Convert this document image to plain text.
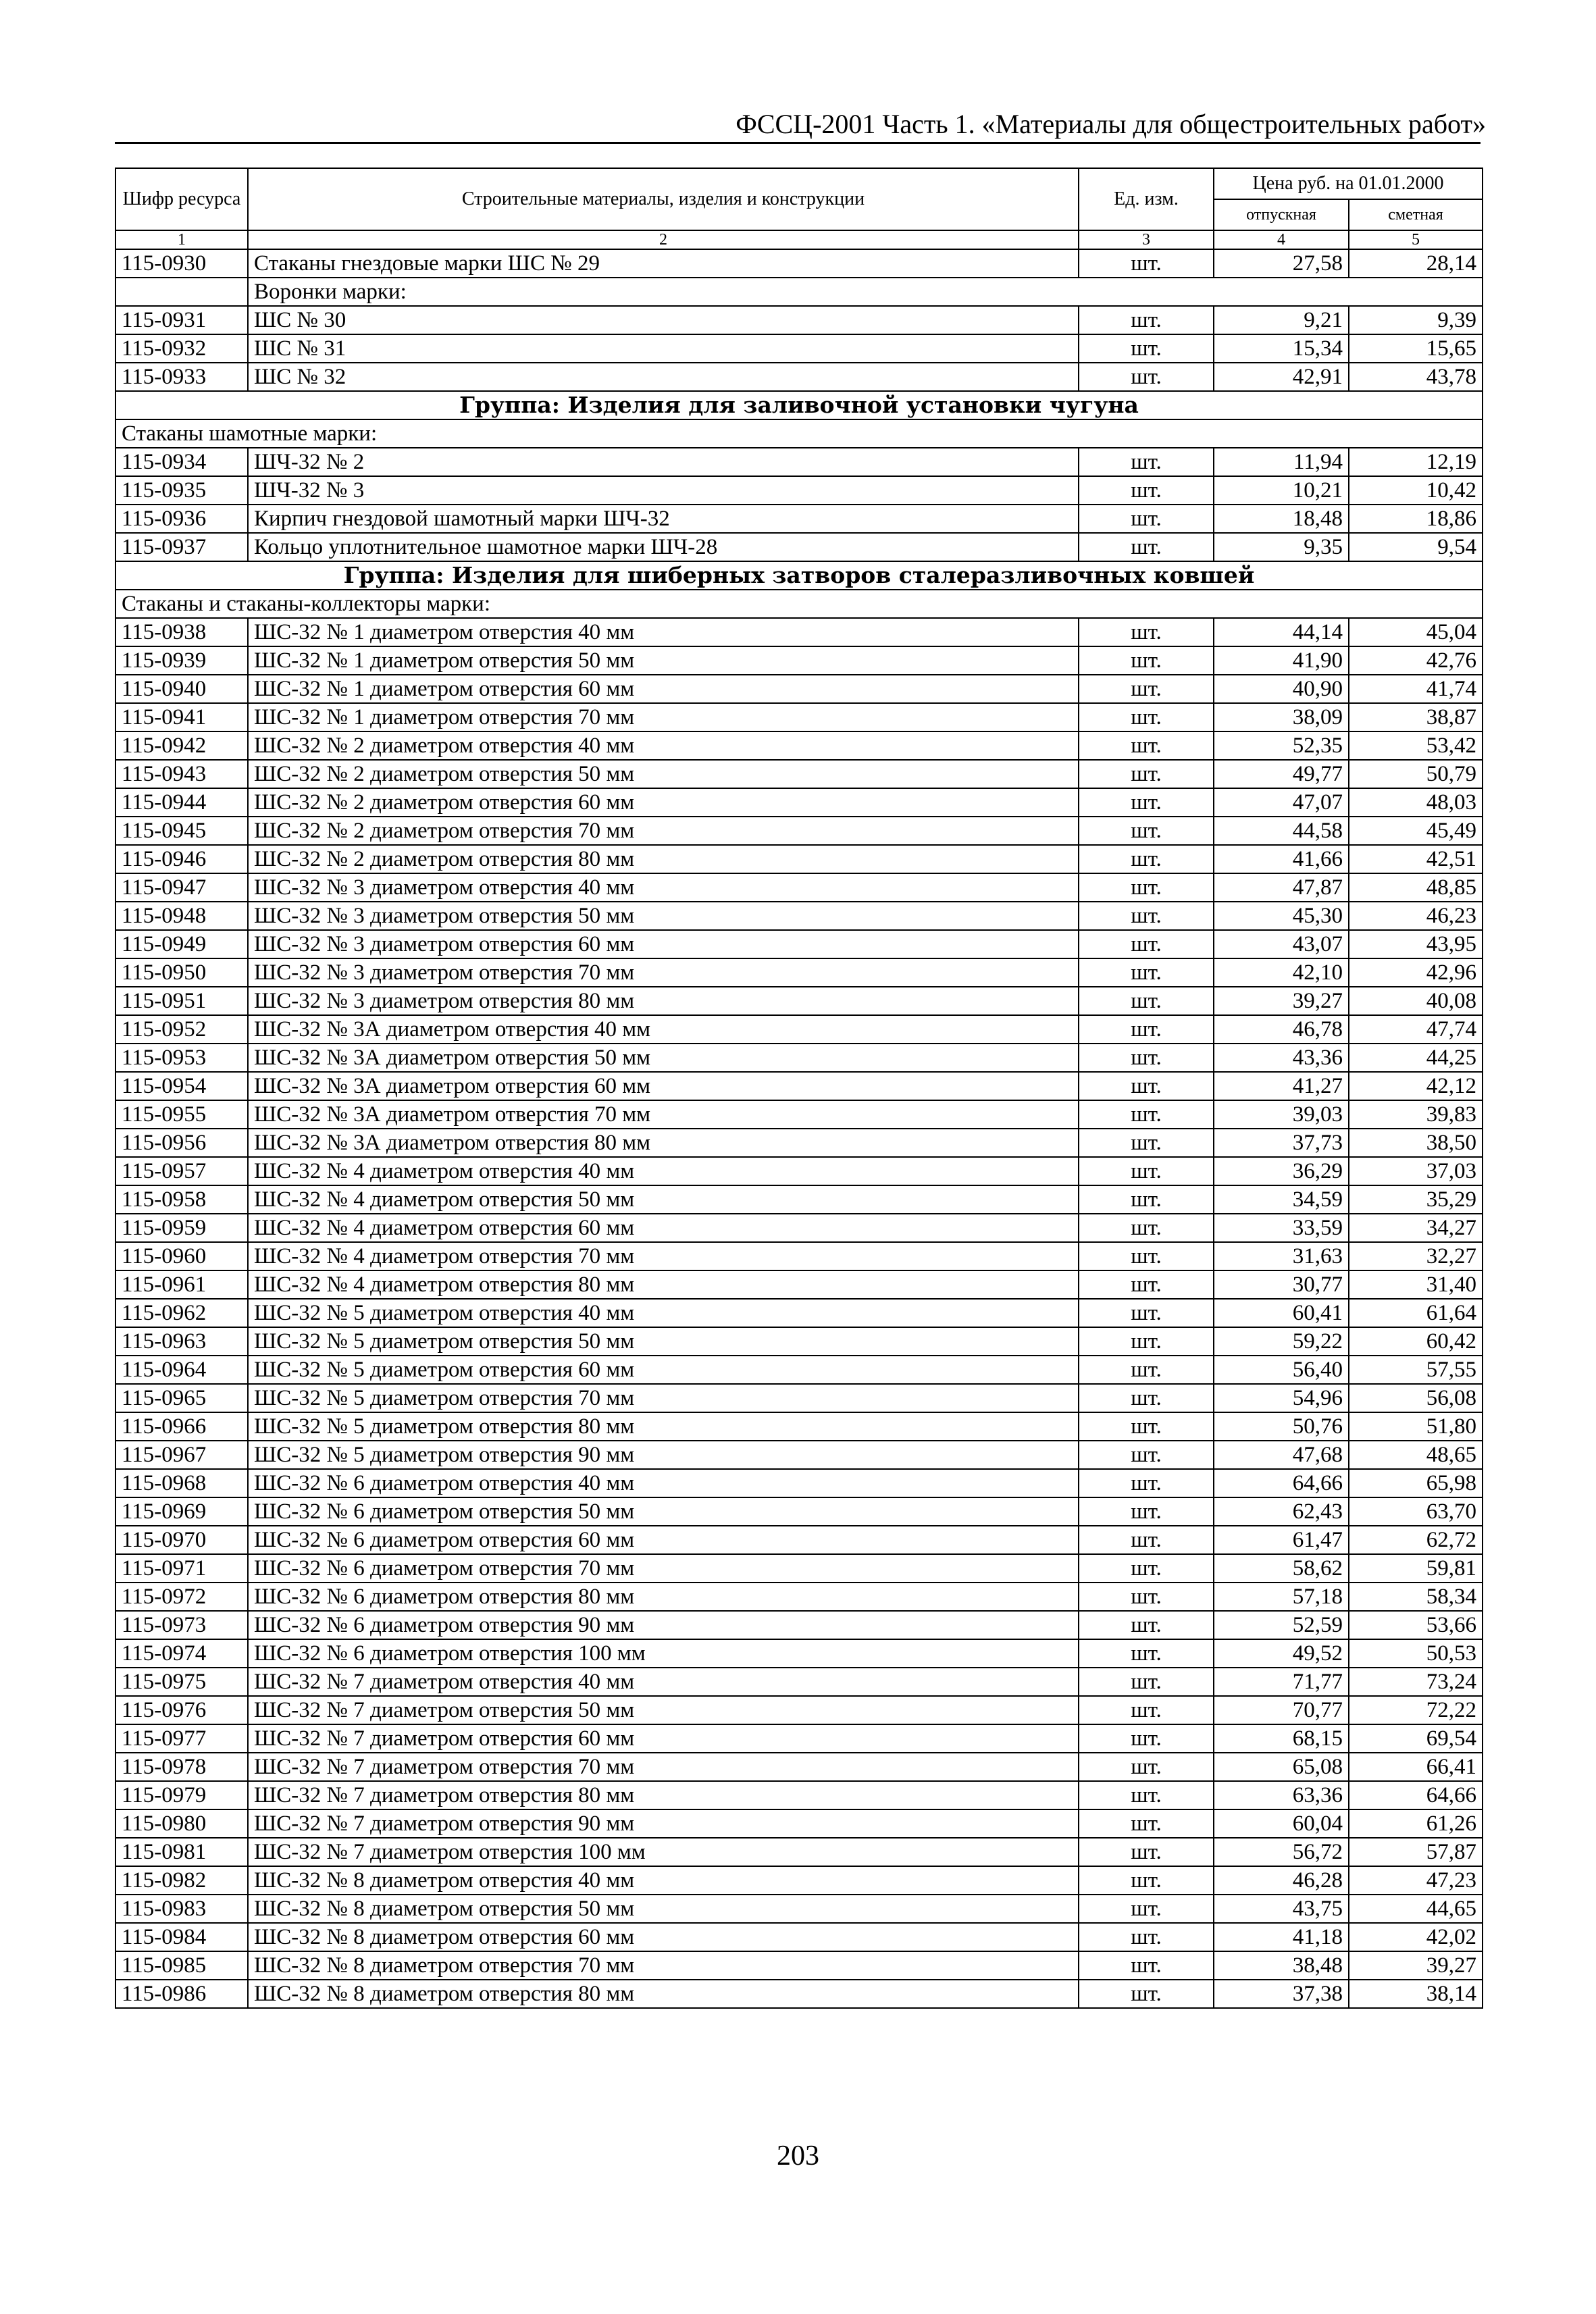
ФССЦ-2001 Часть 1. «Материалы для общестроительных работ»
Шифр ресурса	Строительные материалы, изделия и конструкции	Ед. изм.	Цена руб. на 01.01.2000	
			отпускная	сметная
1	2	3	4	5
115-0930	Стаканы гнездовые марки ШС № 29	шт.	27,58	28,14
	Воронки марки:			
115-0931	ШС № 30	шт.	9,21	9,39
115-0932	ШС № 31	шт.	15,34	15,65
115-0933	ШС № 32	шт.	42,91	43,78
Группа: Изделия для заливочной установки чугуна				
Стаканы шамотные марки:				
115-0934	ШЧ-32 № 2	шт.	11,94	12,19
115-0935	ШЧ-32 № 3	шт.	10,21	10,42
115-0936	Кирпич гнездовой шамотный марки ШЧ-32	шт.	18,48	18,86
115-0937	Кольцо уплотнительное шамотное марки ШЧ-28	шт.	9,35	9,54
Группа: Изделия для шиберных затворов сталеразливочных ковшей				
Стаканы и стаканы-коллекторы марки:				
115-0938	ШС-32 № 1 диаметром отверстия 40 мм	шт.	44,14	45,04
115-0939	ШС-32 № 1 диаметром отверстия 50 мм	шт.	41,90	42,76
115-0940	ШС-32 № 1 диаметром отверстия 60 мм	шт.	40,90	41,74
115-0941	ШС-32 № 1 диаметром отверстия 70 мм	шт.	38,09	38,87
115-0942	ШС-32 № 2 диаметром отверстия 40 мм	шт.	52,35	53,42
115-0943	ШС-32 № 2 диаметром отверстия 50 мм	шт.	49,77	50,79
115-0944	ШС-32 № 2 диаметром отверстия 60 мм	шт.	47,07	48,03
115-0945	ШС-32 № 2 диаметром отверстия 70 мм	шт.	44,58	45,49
115-0946	ШС-32 № 2 диаметром отверстия 80 мм	шт.	41,66	42,51
115-0947	ШС-32 № 3 диаметром отверстия 40 мм	шт.	47,87	48,85
115-0948	ШС-32 № 3 диаметром отверстия 50 мм	шт.	45,30	46,23
115-0949	ШС-32 № 3 диаметром отверстия 60 мм	шт.	43,07	43,95
115-0950	ШС-32 № 3 диаметром отверстия 70 мм	шт.	42,10	42,96
115-0951	ШС-32 № 3 диаметром отверстия 80 мм	шт.	39,27	40,08
115-0952	ШС-32 № 3А диаметром отверстия 40 мм	шт.	46,78	47,74
115-0953	ШС-32 № 3А диаметром отверстия 50 мм	шт.	43,36	44,25
115-0954	ШС-32 № 3А диаметром отверстия 60 мм	шт.	41,27	42,12
115-0955	ШС-32 № 3А диаметром отверстия 70 мм	шт.	39,03	39,83
115-0956	ШС-32 № 3А диаметром отверстия 80 мм	шт.	37,73	38,50
115-0957	ШС-32 № 4 диаметром отверстия 40 мм	шт.	36,29	37,03
115-0958	ШС-32 № 4 диаметром отверстия 50 мм	шт.	34,59	35,29
115-0959	ШС-32 № 4 диаметром отверстия 60 мм	шт.	33,59	34,27
115-0960	ШС-32 № 4 диаметром отверстия 70 мм	шт.	31,63	32,27
115-0961	ШС-32 № 4 диаметром отверстия 80 мм	шт.	30,77	31,40
115-0962	ШС-32 № 5 диаметром отверстия 40 мм	шт.	60,41	61,64
115-0963	ШС-32 № 5 диаметром отверстия 50 мм	шт.	59,22	60,42
115-0964	ШС-32 № 5 диаметром отверстия 60 мм	шт.	56,40	57,55
115-0965	ШС-32 № 5 диаметром отверстия 70 мм	шт.	54,96	56,08
115-0966	ШС-32 № 5 диаметром отверстия 80 мм	шт.	50,76	51,80
115-0967	ШС-32 № 5 диаметром отверстия 90 мм	шт.	47,68	48,65
115-0968	ШС-32 № 6 диаметром отверстия 40 мм	шт.	64,66	65,98
115-0969	ШС-32 № 6 диаметром отверстия 50 мм	шт.	62,43	63,70
115-0970	ШС-32 № 6 диаметром отверстия 60 мм	шт.	61,47	62,72
115-0971	ШС-32 № 6 диаметром отверстия 70 мм	шт.	58,62	59,81
115-0972	ШС-32 № 6 диаметром отверстия 80 мм	шт.	57,18	58,34
115-0973	ШС-32 № 6 диаметром отверстия 90 мм	шт.	52,59	53,66
115-0974	ШС-32 № 6 диаметром отверстия 100 мм	шт.	49,52	50,53
115-0975	ШС-32 № 7 диаметром отверстия 40 мм	шт.	71,77	73,24
115-0976	ШС-32 № 7 диаметром отверстия 50 мм	шт.	70,77	72,22
115-0977	ШС-32 № 7 диаметром отверстия 60 мм	шт.	68,15	69,54
115-0978	ШС-32 № 7 диаметром отверстия 70 мм	шт.	65,08	66,41
115-0979	ШС-32 № 7 диаметром отверстия 80 мм	шт.	63,36	64,66
115-0980	ШС-32 № 7 диаметром отверстия 90 мм	шт.	60,04	61,26
115-0981	ШС-32 № 7 диаметром отверстия 100 мм	шт.	56,72	57,87
115-0982	ШС-32 № 8 диаметром отверстия 40 мм	шт.	46,28	47,23
115-0983	ШС-32 № 8 диаметром отверстия 50 мм	шт.	43,75	44,65
115-0984	ШС-32 № 8 диаметром отверстия 60 мм	шт.	41,18	42,02
115-0985	ШС-32 № 8 диаметром отверстия 70 мм	шт.	38,48	39,27
115-0986	ШС-32 № 8 диаметром отверстия 80 мм	шт.	37,38	38,14
203
